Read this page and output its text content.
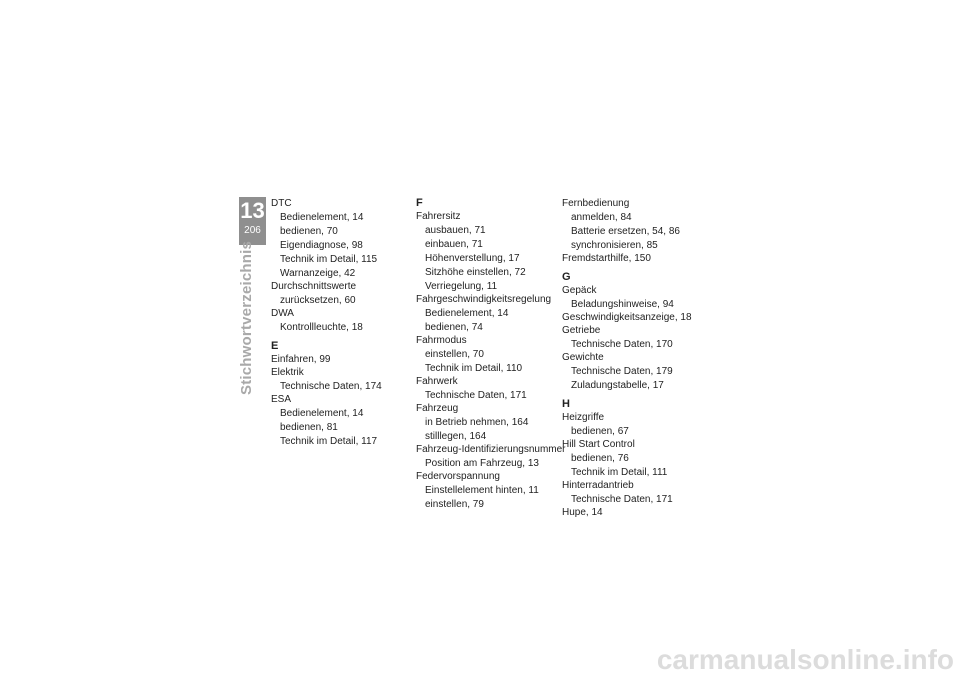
13
206
Stichwortverzeichnis
DTC
Bedienelement, 14
bedienen, 70
Eigendiagnose, 98
Technik im Detail, 115
Warnanzeige, 42
Durchschnittswerte
zurücksetzen, 60
DWA
Kontrollleuchte, 18
E
Einfahren, 99
Elektrik
Technische Daten, 174
ESA
Bedienelement, 14
bedienen, 81
Technik im Detail, 117
F
Fahrersitz
ausbauen, 71
einbauen, 71
Höhenverstellung, 17
Sitzhöhe einstellen, 72
Verriegelung, 11
Fahrgeschwindigkeitsregelung
Bedienelement, 14
bedienen, 74
Fahrmodus
einstellen, 70
Technik im Detail, 110
Fahrwerk
Technische Daten, 171
Fahrzeug
in Betrieb nehmen, 164
stilllegen, 164
Fahrzeug-Identifizierungsnummer
Position am Fahrzeug, 13
Federvorspannung
Einstellelement hinten, 11
einstellen, 79
Fernbedienung
anmelden, 84
Batterie ersetzen, 54, 86
synchronisieren, 85
Fremdstarthilfe, 150
G
Gepäck
Beladungshinweise, 94
Geschwindigkeitsanzeige, 18
Getriebe
Technische Daten, 170
Gewichte
Technische Daten, 179
Zuladungstabelle, 17
H
Heizgriffe
bedienen, 67
Hill Start Control
bedienen, 76
Technik im Detail, 111
Hinterradantrieb
Technische Daten, 171
Hupe, 14
carmanualsonline.info
